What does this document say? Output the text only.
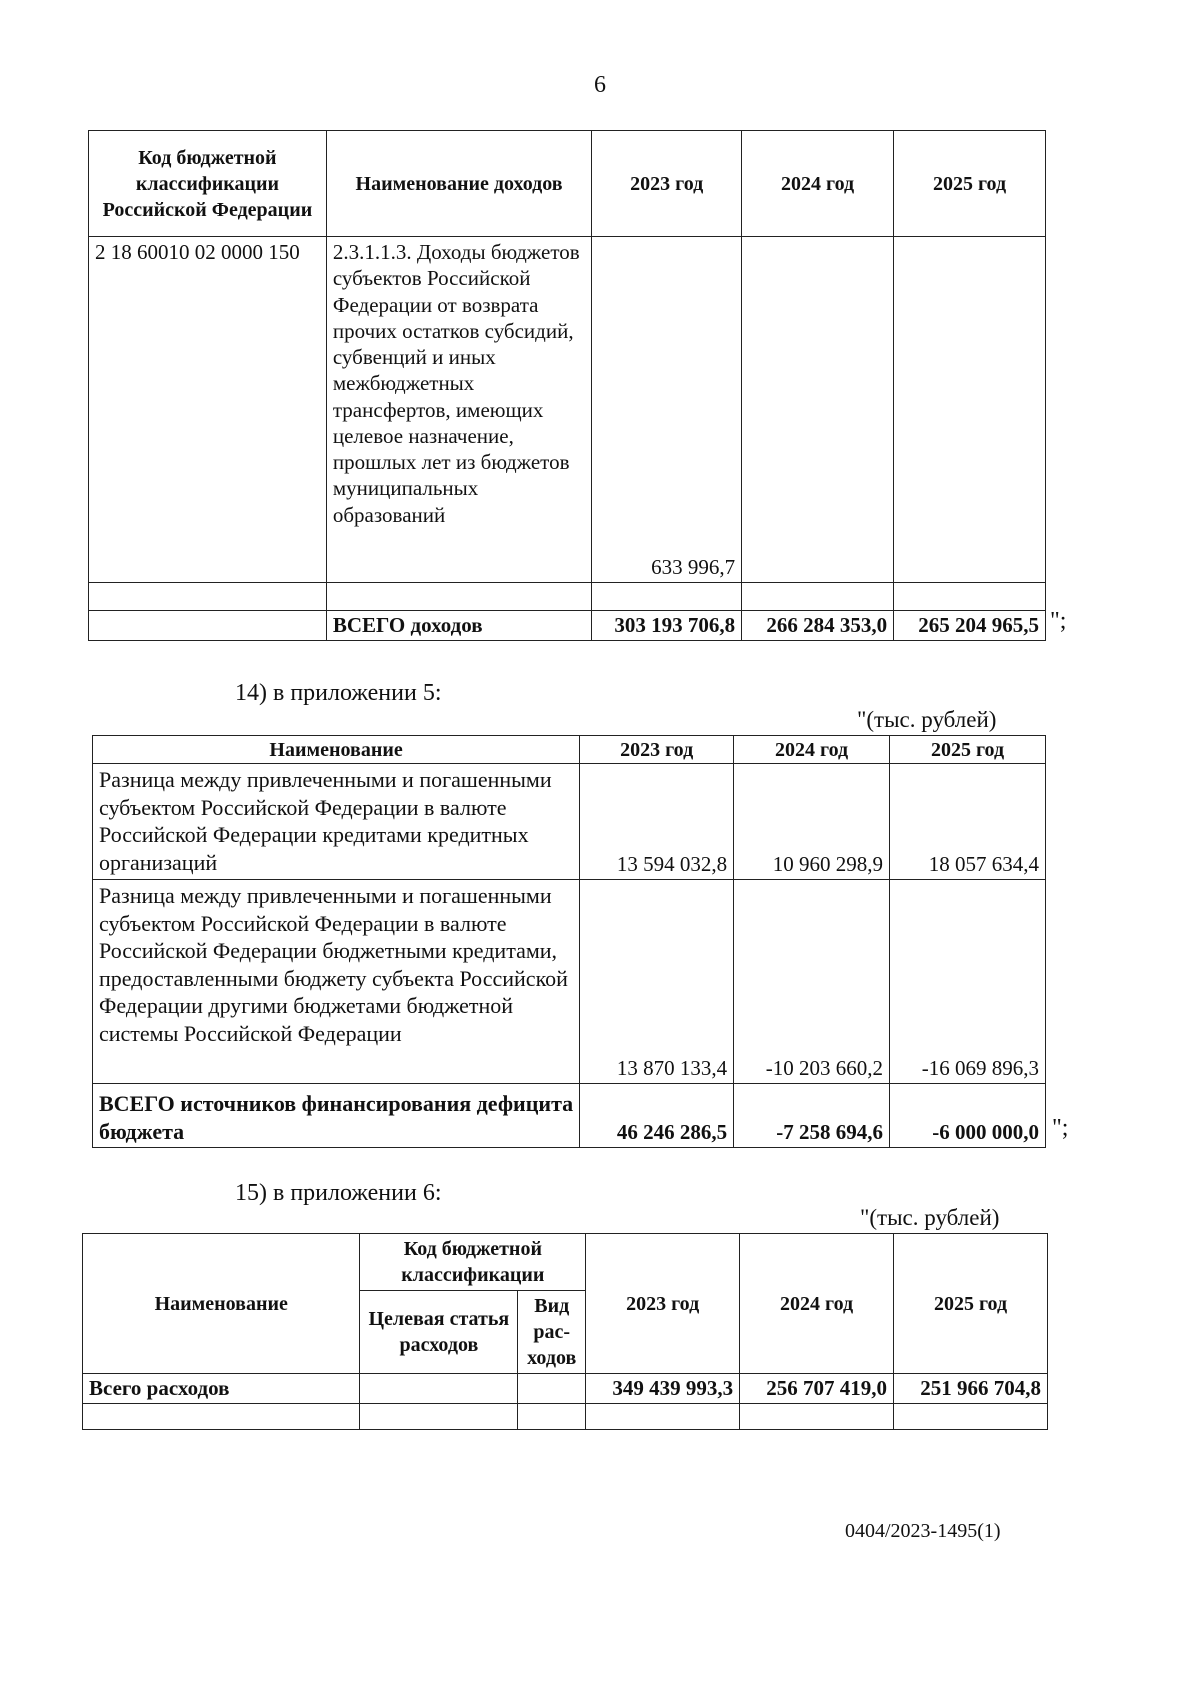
6
Код бюджетной классификации Российской Федерации	Наименование доходов	2023 год	2024 год	2025 год
2 18 60010 02 0000 150	2.3.1.1.3. Доходы бюджетов субъектов Российской Федерации от возврата прочих остатков субсидий, субвенций и иных межбюджетных трансфертов, имеющих целевое назначение, прошлых лет из бюджетов муниципальных образований	633 996,7		

	ВСЕГО доходов	303 193 706,8	266 284 353,0	265 204 965,5 ";
14) в приложении 5:
"(тыс. рублей)
Наименование	2023 год	2024 год	2025 год
Разница между привлеченными и погашенными субъектом Российской Федерации в валюте Российской Федерации кредитами кредитных организаций	13 594 032,8	10 960 298,9	18 057 634,4
Разница между привлеченными и погашенными субъектом Российской Федерации в валюте Российской Федерации бюджетными кредитами, предоставленными бюджету субъекта Российской Федерации другими бюджетами бюджетной системы Российской Федерации	13 870 133,4	-10 203 660,2	-16 069 896,3
ВСЕГО источников финансирования дефицита бюджета	46 246 286,5	-7 258 694,6	-6 000 000,0 ";
15) в приложении 6:
"(тыс. рублей)
Наименование	Код бюджетной классификации		2023 год	2024 год	2025 год
	Целевая статья расходов	Вид рас-ходов			
Всего расходов			349 439 993,3	256 707 419,0	251 966 704,8

0404/2023-1495(1)
